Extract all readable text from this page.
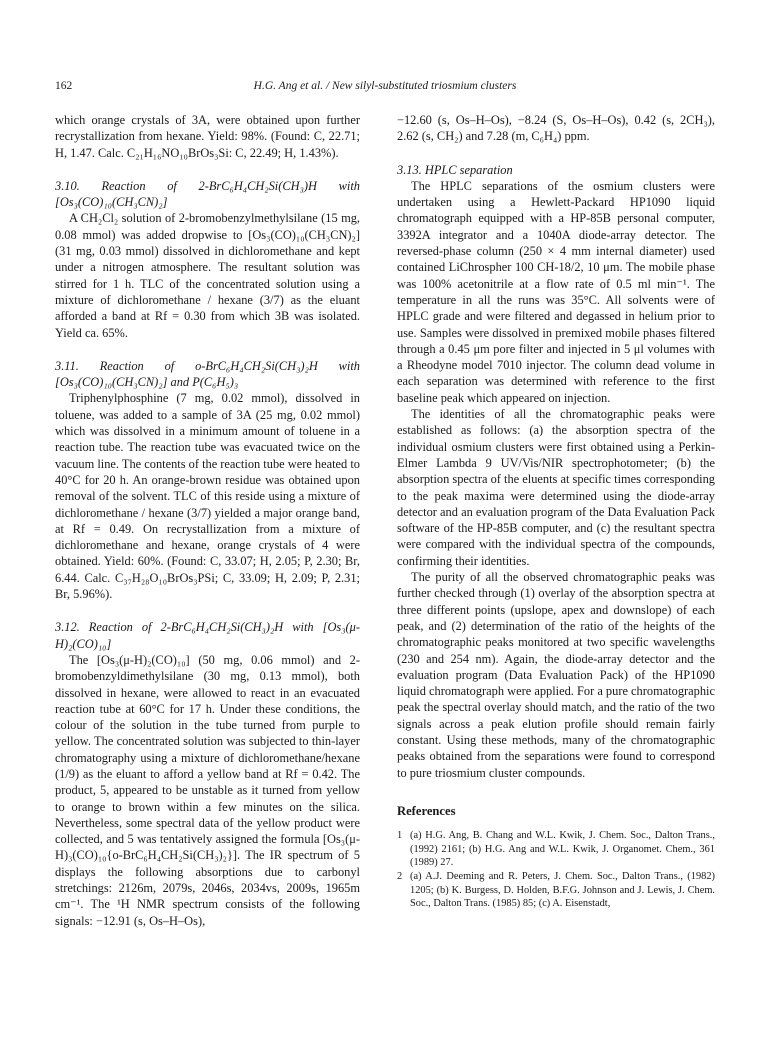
162	H.G. Ang et al. / New silyl-substituted triosmium clusters

which orange crystals of 3A, were obtained upon further recrystallization from hexane. Yield: 98%. (Found: C, 22.71; H, 1.47. Calc. C₂₁H₁₆NO₁₀BrOs₃Si: C, 22.49; H, 1.43%).

3.10. Reaction of 2-BrC₆H₄CH₂Si(CH₃)H with [Os₃(CO)₁₀(CH₃CN)₂]

A CH₂Cl₂ solution of 2-bromobenzylmethylsilane (15 mg, 0.08 mmol) was added dropwise to [Os₃(CO)₁₀(CH₃CN)₂] (31 mg, 0.03 mmol) dissolved in dichloromethane and kept under a nitrogen atmosphere. The resultant solution was stirred for 1 h. TLC of the concentrated solution using a mixture of dichloromethane / hexane (3/7) as the eluant afforded a band at Rf = 0.30 from which 3B was isolated. Yield ca. 65%.

3.11. Reaction of o-BrC₆H₄CH₂Si(CH₃)₂H with [Os₃(CO)₁₀(CH₃CN)₂] and P(C₆H₅)₃

Triphenylphosphine (7 mg, 0.02 mmol), dissolved in toluene, was added to a sample of 3A (25 mg, 0.02 mmol) which was dissolved in a minimum amount of toluene in a reaction tube. The reaction tube was evacuated twice on the vacuum line. The contents of the reaction tube were heated to 40°C for 20 h. An orange-brown residue was obtained upon removal of the solvent. TLC of this reside using a mixture of dichloromethane / hexane (3/7) yielded a major orange band, at Rf = 0.49. On recrystallization from a mixture of dichloromethane and hexane, orange crystals of 4 were obtained. Yield: 60%. (Found: C, 33.07; H, 2.05; P, 2.30; Br, 6.44. Calc. C₃₇H₂₈O₁₀BrOs₃PSi; C, 33.09; H, 2.09; P, 2.31; Br, 5.96%).

3.12. Reaction of 2-BrC₆H₄CH₂Si(CH₃)₂H with [Os₃(μ-H)₂(CO)₁₀]

The [Os₃(μ-H)₂(CO)₁₀] (50 mg, 0.06 mmol) and 2-bromobenzyldimethylsilane (30 mg, 0.13 mmol), both dissolved in hexane, were allowed to react in an evacuated reaction tube at 60°C for 17 h. Under these conditions, the colour of the solution in the tube turned from purple to yellow. The concentrated solution was subjected to thin-layer chromatography using a mixture of dichloromethane/hexane (1/9) as the eluant to afford a yellow band at Rf = 0.42. The product, 5, appeared to be unstable as it turned from yellow to orange to brown within a few minutes on the silica. Nevertheless, some spectral data of the yellow product were collected, and 5 was tentatively assigned the formula [Os₃(μ-H)₃(CO)₁₀{o-BrC₆H₄CH₂Si(CH₃)₂}]. The IR spectrum of 5 displays the following absorptions due to carbonyl stretchings: 2126m, 2079s, 2046s, 2034vs, 2009s, 1965m cm⁻¹. The ¹H NMR spectrum consists of the following signals: −12.91 (s, Os–H–Os),

−12.60 (s, Os–H–Os), −8.24 (S, Os–H–Os), 0.42 (s, 2CH₃), 2.62 (s, CH₂) and 7.28 (m, C₆H₄) ppm.

3.13. HPLC separation

The HPLC separations of the osmium clusters were undertaken using a Hewlett-Packard HP1090 liquid chromatograph equipped with a HP-85B personal computer, 3392A integrator and a 1040A diode-array detector. The reversed-phase column (250 × 4 mm internal diameter) used contained LiChrospher 100 CH-18/2, 10 μm. The mobile phase was 100% acetonitrile at a flow rate of 0.5 ml min⁻¹. The temperature in all the runs was 35°C. All solvents were of HPLC grade and were filtered and degassed in helium prior to use. Samples were dissolved in premixed mobile phases filtered through a 0.45 μm pore filter and injected in 5 μl volumes with a Rheodyne model 7010 injector. The column dead volume in each separation was determined with reference to the first baseline peak which appeared on injection.

The identities of all the chromatographic peaks were established as follows: (a) the absorption spectra of the individual osmium clusters were first obtained using a Perkin-Elmer Lambda 9 UV/Vis/NIR spectrophotometer; (b) the absorption spectra of the eluents at specific times corresponding to the peak maxima were determined using the diode-array detector and an evaluation program of the Data Evaluation Pack software of the HP-85B computer, and (c) the resultant spectra were compared with the individual spectra of the compounds, confirming their identities.

The purity of all the observed chromatographic peaks was further checked through (1) overlay of the absorption spectra at three different points (upslope, apex and downslope) of each peak, and (2) determination of the ratio of the heights of the chromatographic peaks monitored at two specific wavelengths (230 and 254 nm). Again, the diode-array detector and the evaluation program (Data Evaluation Pack) of the HP1090 liquid chromatograph were applied. For a pure chromatographic peak the spectral overlay should match, and the ratio of the two signals across a peak elution profile should remain fairly constant. Using these methods, many of the chromatographic peaks obtained from the separations were found to correspond to pure triosmium cluster compounds.

References
1 (a) H.G. Ang, B. Chang and W.L. Kwik, J. Chem. Soc., Dalton Trans., (1992) 2161; (b) H.G. Ang and W.L. Kwik, J. Organomet. Chem., 361 (1989) 27.
2 (a) A.J. Deeming and R. Peters, J. Chem. Soc., Dalton Trans., (1982) 1205; (b) K. Burgess, D. Holden, B.F.G. Johnson and J. Lewis, J. Chem. Soc., Dalton Trans. (1985) 85; (c) A. Eisenstadt,
